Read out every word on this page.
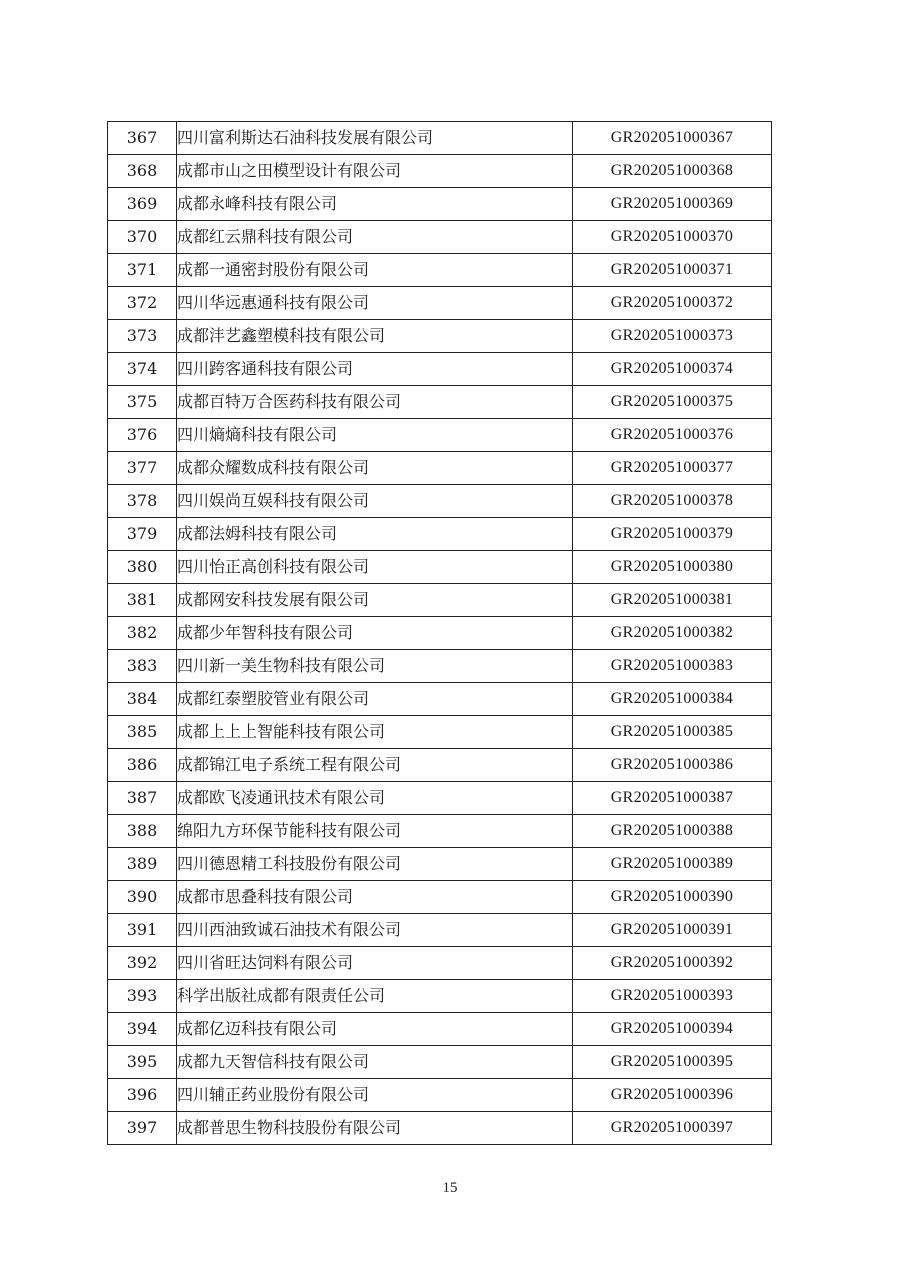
367	四川富利斯达石油科技发展有限公司	GR202051000367
368	成都市山之田模型设计有限公司	GR202051000368
369	成都永峰科技有限公司	GR202051000369
370	成都红云鼎科技有限公司	GR202051000370
371	成都一通密封股份有限公司	GR202051000371
372	四川华远惠通科技有限公司	GR202051000372
373	成都沣艺鑫塑模科技有限公司	GR202051000373
374	四川跨客通科技有限公司	GR202051000374
375	成都百特万合医药科技有限公司	GR202051000375
376	四川熵熵科技有限公司	GR202051000376
377	成都众耀数成科技有限公司	GR202051000377
378	四川娱尚互娱科技有限公司	GR202051000378
379	成都法姆科技有限公司	GR202051000379
380	四川怡正高创科技有限公司	GR202051000380
381	成都网安科技发展有限公司	GR202051000381
382	成都少年智科技有限公司	GR202051000382
383	四川新一美生物科技有限公司	GR202051000383
384	成都红泰塑胶管业有限公司	GR202051000384
385	成都上上上智能科技有限公司	GR202051000385
386	成都锦江电子系统工程有限公司	GR202051000386
387	成都欧飞凌通讯技术有限公司	GR202051000387
388	绵阳九方环保节能科技有限公司	GR202051000388
389	四川德恩精工科技股份有限公司	GR202051000389
390	成都市思叠科技有限公司	GR202051000390
391	四川西油致诚石油技术有限公司	GR202051000391
392	四川省旺达饲料有限公司	GR202051000392
393	科学出版社成都有限责任公司	GR202051000393
394	成都亿迈科技有限公司	GR202051000394
395	成都九天智信科技有限公司	GR202051000395
396	四川辅正药业股份有限公司	GR202051000396
397	成都普思生物科技股份有限公司	GR202051000397
15
